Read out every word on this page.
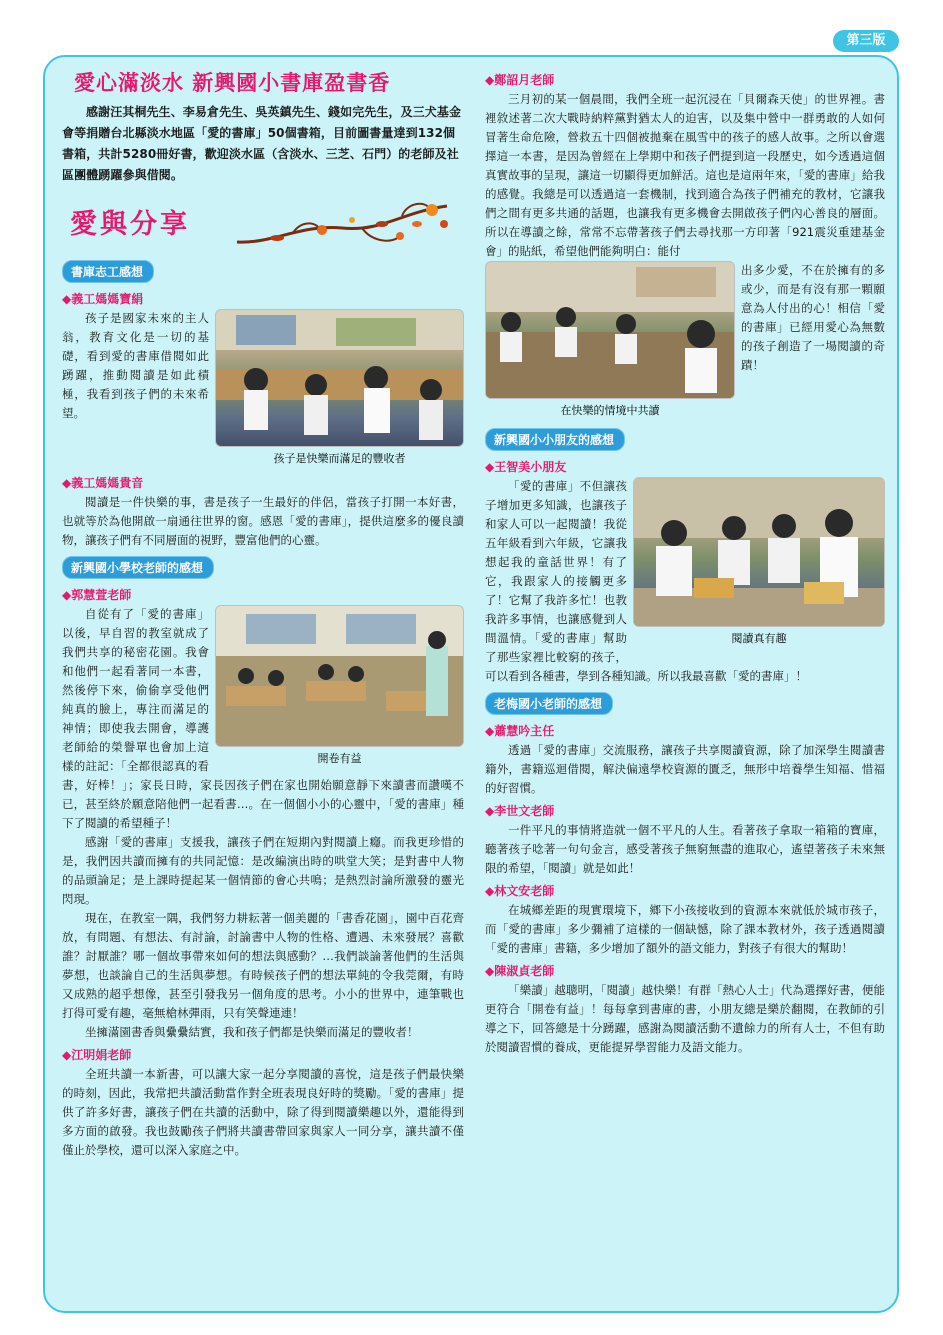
第三版
愛心滿淡水 新興國小書庫盈書香

感謝汪其桐先生、李易倉先生、吳英鎮先生、錢如完先生，及三犬基金會等捐贈台北縣淡水地區「愛的書庫」50個書箱，目前圖書量達到132個書箱，共計5280冊好書，歡迎淡水區（含淡水、三芝、石門）的老師及社區團體踴躍參與借閱。

愛與分享
書庫志工感想
◆義工媽媽寶絹
孩子是快樂而滿足的豐收者

孩子是國家未來的主人翁，教育文化是一切的基礎，看到愛的書庫借閱如此踴躍，推動閱讀是如此積極，我看到孩子們的未來希望。

◆義工媽媽貴音

閱讀是一件快樂的事，書是孩子一生最好的伴侶，當孩子打開一本好書，也就等於為他開啟一扇通往世界的窗。感恩「愛的書庫」，提供這麼多的優良讀物，讓孩子們有不同層面的視野，豐富他們的心靈。

新興國小學校老師的感想
◆郭慧萱老師
開卷有益

自從有了「愛的書庫」以後，早自習的教室就成了我們共享的秘密花園。我會和他們一起看著同一本書，然後停下來，偷偷享受他們純真的臉上，專注而滿足的神情；即使我去開會，導護老師給的榮譽單也會加上這樣的註記：「全都很認真的看書，好棒！」；家長日時，家長因孩子們在家也開始願意靜下來讀書而讚嘆不已，甚至終於願意陪他們一起看書…。在一個個小小的心靈中，「愛的書庫」種下了閱讀的希望種子！

感謝「愛的書庫」支援我，讓孩子們在短期內對閱讀上癮。而我更珍惜的是，我們因共讀而擁有的共同記憶：是改編演出時的哄堂大笑；是對書中人物的品頭論足；是上課時提起某一個情節的會心共鳴；是熱烈討論所激發的靈光閃現。

現在，在教室一隅，我們努力耕耘著一個美麗的「書香花園」，園中百花齊放，有問題、有想法、有討論，討論書中人物的性格、遭遇、未來發展？喜歡誰？討厭誰？哪一個故事帶來如何的想法與感動？…我們談論著他們的生活與夢想，也談論自己的生活與夢想。有時候孩子們的想法單純的令我莞爾，有時又成熟的超乎想像，甚至引發我另一個角度的思考。小小的世界中，連筆戰也打得可愛有趣，毫無槍林彈雨，只有笑聲連連！

坐擁滿園書香與纍纍結實，我和孩子們都是快樂而滿足的豐收者！

◆江明娟老師

全班共讀一本新書，可以讓大家一起分享閱讀的喜悅，這是孩子們最快樂的時刻，因此，我常把共讀活動當作對全班表現良好時的獎勵。「愛的書庫」提供了許多好書，讓孩子們在共讀的活動中，除了得到閱讀樂趣以外，還能得到多方面的啟發。我也鼓勵孩子們將共讀書帶回家與家人一同分享，讓共讀不僅僅止於學校，還可以深入家庭之中。

◆鄭詔月老師

三月初的某一個晨間，我們全班一起沉浸在「貝爾森天使」的世界裡。書裡敘述著二次大戰時納粹黨對猶太人的迫害，以及集中營中一群勇敢的人如何冒著生命危險，營救五十四個被拋棄在風雪中的孩子的感人故事。之所以會選擇這一本書，是因為曾經在上學期中和孩子們提到這一段歷史，如今透過這個真實故事的呈現，讓這一切顯得更加鮮活。這也是這兩年來，「愛的書庫」給我的感覺。我總是可以透過這一套機制，找到適合為孩子們補充的教材，它讓我們之間有更多共通的話題，也讓我有更多機會去開啟孩子們內心善良的層面。所以在導讀之餘，常常不忘帶著孩子們去尋找那一方印著「921震災重建基金會」的貼紙，希望他們能夠明白：能付

在快樂的情境中共讀

出多少愛，不在於擁有的多或少，而是有沒有那一顆願意為人付出的心！相信「愛的書庫」已經用愛心為無數的孩子創造了一場閱讀的奇蹟！

新興國小小朋友的感想
◆王智美小朋友
閱讀真有趣

「愛的書庫」不但讓孩子增加更多知識，也讓孩子和家人可以一起閱讀！我從五年級看到六年級，它讓我想起我的童話世界！有了它，我跟家人的接觸更多了！它幫了我許多忙！也教我許多事情，也讓感覺到人間溫情。「愛的書庫」幫助了那些家裡比較窮的孩子，可以看到各種書，學到各種知識。所以我最喜歡「愛的書庫」！

老梅國小老師的感想
◆蕭慧吟主任

透過「愛的書庫」交流服務，讓孩子共享閱讀資源，除了加深學生閱讀書籍外，書籍巡迴借閱，解決偏遠學校資源的匱乏，無形中培養學生知福、惜福的好習慣。

◆李世文老師

一件平凡的事情將造就一個不平凡的人生。看著孩子拿取一箱箱的寶庫，聽著孩子唸著一句句金言，感受著孩子無窮無盡的進取心，遙望著孩子未來無限的希望，「閱讀」就是如此！

◆林文安老師

在城鄉差距的現實環境下，鄉下小孩接收到的資源本來就低於城市孩子，而「愛的書庫」多少彌補了這樣的一個缺憾，除了課本教材外，孩子透過閱讀「愛的書庫」書籍，多少增加了額外的語文能力，對孩子有很大的幫助！

◆陳淑貞老師

「樂讀」越聰明，「閱讀」越快樂！有群「熱心人士」代為選擇好書，便能更符合「開卷有益」！每每拿到書庫的書，小朋友總是樂於翻閱，在教師的引導之下，回答總是十分踴躍，感謝為閱讀活動不遺餘力的所有人士，不但有助於閱讀習慣的養成，更能提昇學習能力及語文能力。
